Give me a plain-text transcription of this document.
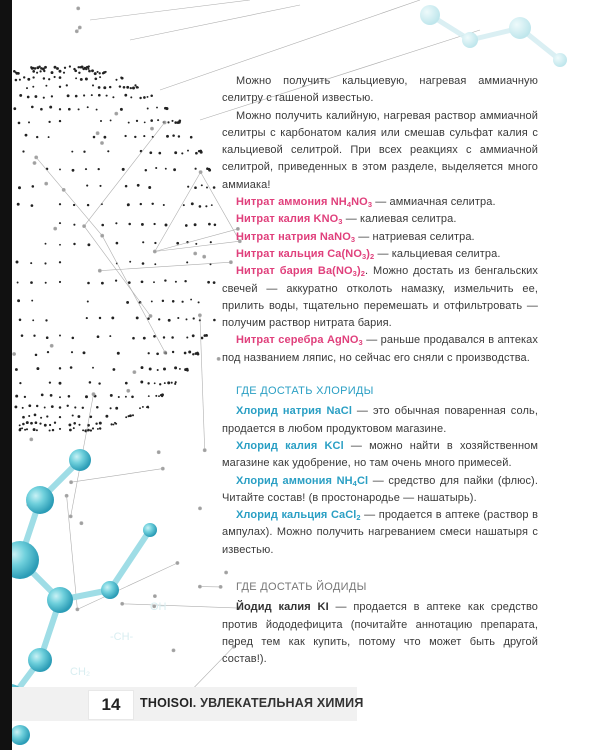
-CH-
CH₂
OH

Можно получить кальциевую, нагревая аммиачную селитру с гашеной известью.

Можно получить калийную, нагревая раствор аммиачной селитры с карбонатом калия или смешав сульфат калия с кальциевой селитрой. При всех реакциях с аммиачной селитрой, приведенных в этом разделе, выделяется много аммиака!

Нитрат аммония $NH_4NO_3$ — аммиачная селитра.

Нитрат калия $KNO_3$ — калиевая селитра.

Нитрат натрия NaNO$_3$ — натриевая селитра.

Нитрат кальция $Ca(NO_3)_2$ — кальциевая селитра.

Нитрат бария $Ba(NO_3)_2$. Можно достать из бенгальских свечей — аккуратно отколоть намазку, измельчить ее, прилить воды, тщательно перемешать и отфильтровать — получим раствор нитрата бария.

Нитрат серебра AgNO$_3$ — раньше продавался в аптеках под названием ляпис, но сейчас его сняли с производства.

ГДЕ ДОСТАТЬ ХЛОРИДЫ

Хлорид натрия NaCl — это обычная поваренная соль, продается в любом продуктовом магазине.

Хлорид калия KCl — можно найти в хозяйственном магазине как удобрение, но там очень много примесей.

Хлорид аммония $NH_4Cl$ — средство для пайки (флюс). Читайте состав! (в простонародье — нашатырь).

Хлорид кальция CaCl$_2$ — продается в аптеке (раствор в ампулах). Можно получить нагреванием смеси нашатыря с известью.

ГДЕ ДОСТАТЬ ЙОДИДЫ

Йодид калия KI — продается в аптеке как средство против йододефицита (почитайте аннотацию препарата, перед тем как купить, потому что может быть другой состав!).

14	THOISOI. УВЛЕКАТЕЛЬНАЯ ХИМИЯ
